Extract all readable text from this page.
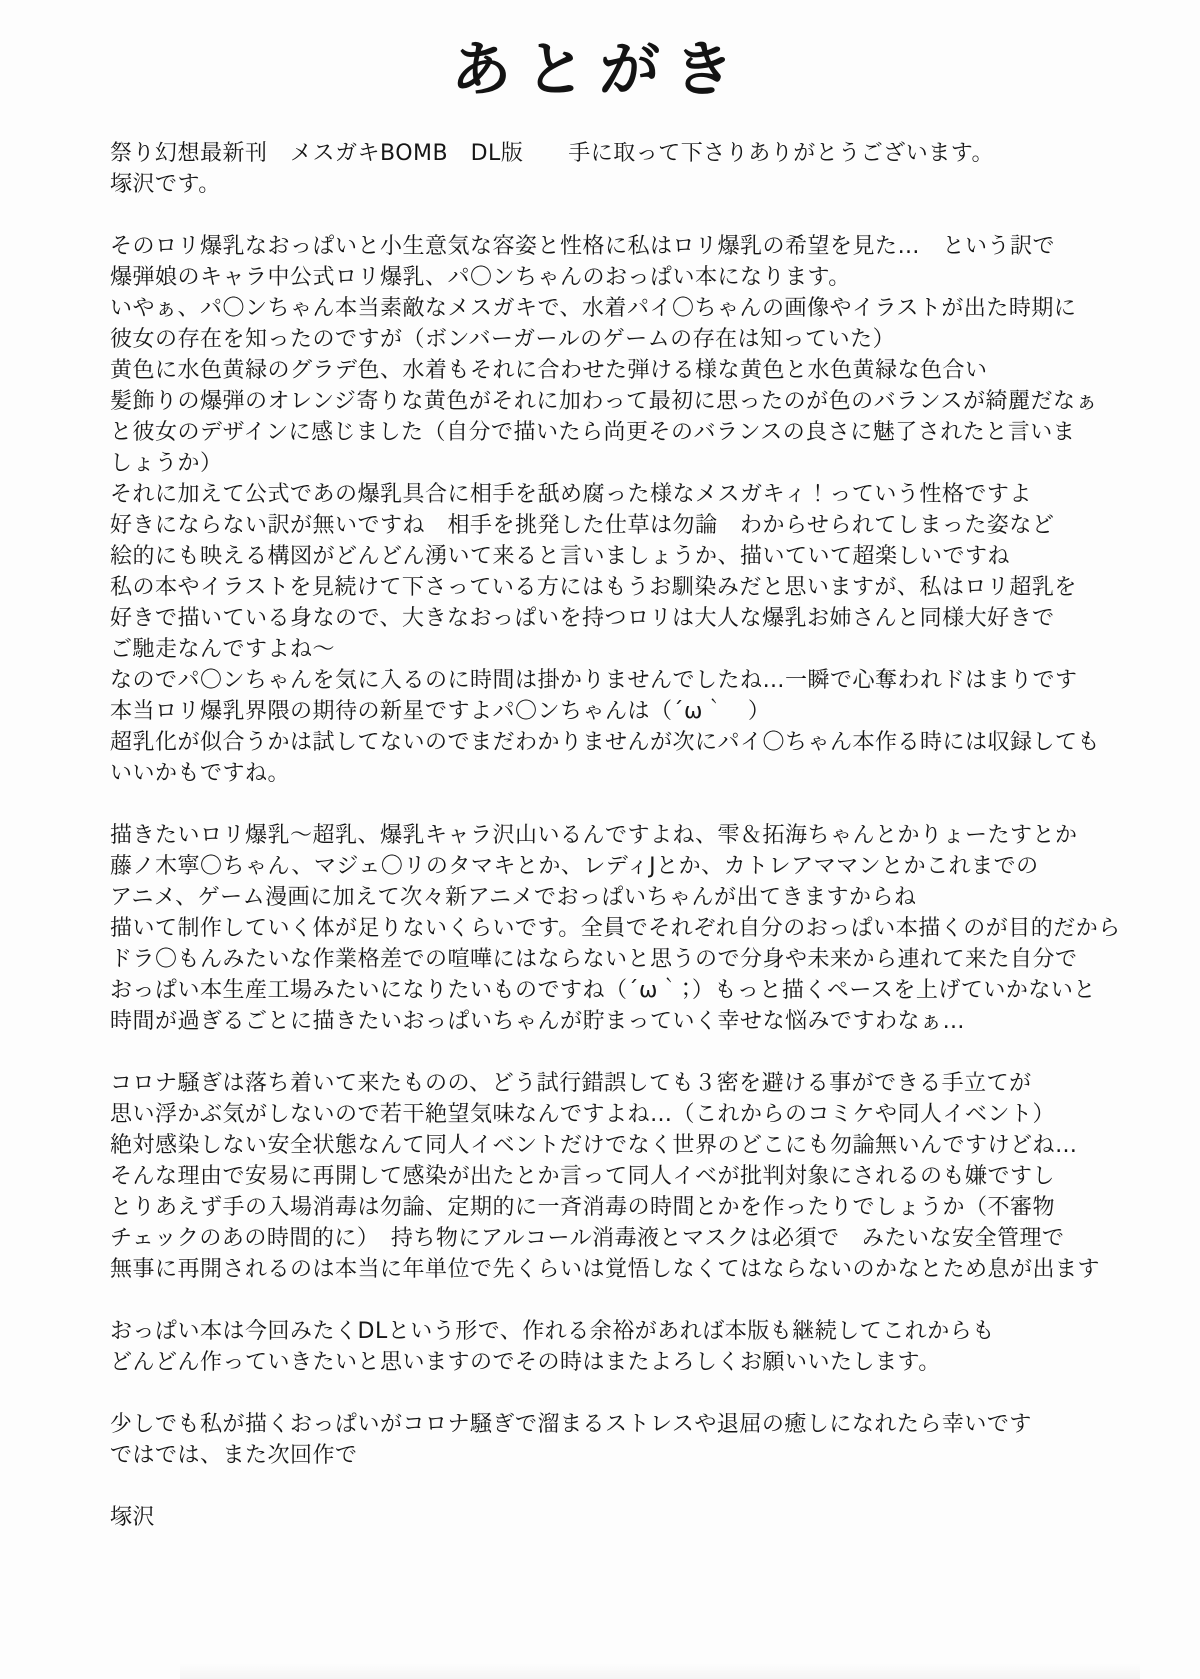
あとがき
祭り幻想最新刊　メスガキBOMB　DL版　　手に取って下さりありがとうございます。
塚沢です。
そのロリ爆乳なおっぱいと小生意気な容姿と性格に私はロリ爆乳の希望を見た…　という訳で
爆弾娘のキャラ中公式ロリ爆乳、パ〇ンちゃんのおっぱい本になります。
いやぁ、パ〇ンちゃん本当素敵なメスガキで、水着パイ〇ちゃんの画像やイラストが出た時期に
彼女の存在を知ったのですが（ボンバーガールのゲームの存在は知っていた）
黄色に水色黄緑のグラデ色、水着もそれに合わせた弾ける様な黄色と水色黄緑な色合い
髪飾りの爆弾のオレンジ寄りな黄色がそれに加わって最初に思ったのが色のバランスが綺麗だなぁ
と彼女のデザインに感じました（自分で描いたら尚更そのバランスの良さに魅了されたと言いま
しょうか）
それに加えて公式であの爆乳具合に相手を舐め腐った様なメスガキィ！っていう性格ですよ
好きにならない訳が無いですね　相手を挑発した仕草は勿論　わからせられてしまった姿など
絵的にも映える構図がどんどん湧いて来ると言いましょうか、描いていて超楽しいですね
私の本やイラストを見続けて下さっている方にはもうお馴染みだと思いますが、私はロリ超乳を
好きで描いている身なので、大きなおっぱいを持つロリは大人な爆乳お姉さんと同様大好きで
ご馳走なんですよね～
なのでパ〇ンちゃんを気に入るのに時間は掛かりませんでしたね…一瞬で心奪われドはまりです
本当ロリ爆乳界隈の期待の新星ですよパ〇ンちゃんは（´ω｀　）
超乳化が似合うかは試してないのでまだわかりませんが次にパイ〇ちゃん本作る時には収録しても
いいかもですね。
描きたいロリ爆乳～超乳、爆乳キャラ沢山いるんですよね、雫＆拓海ちゃんとかりょーたすとか
藤ノ木寧〇ちゃん、マジェ〇リのタマキとか、レディJとか、カトレアママンとかこれまでの
アニメ、ゲーム漫画に加えて次々新アニメでおっぱいちゃんが出てきますからね
描いて制作していく体が足りないくらいです。全員でそれぞれ自分のおっぱい本描くのが目的だから
ドラ〇もんみたいな作業格差での喧嘩にはならないと思うので分身や未来から連れて来た自分で
おっぱい本生産工場みたいになりたいものですね（´ω｀；）もっと描くペースを上げていかないと
時間が過ぎるごとに描きたいおっぱいちゃんが貯まっていく幸せな悩みですわなぁ…
コロナ騒ぎは落ち着いて来たものの、どう試行錯誤しても３密を避ける事ができる手立てが
思い浮かぶ気がしないので若干絶望気味なんですよね…（これからのコミケや同人イベント）
絶対感染しない安全状態なんて同人イベントだけでなく世界のどこにも勿論無いんですけどね…
そんな理由で安易に再開して感染が出たとか言って同人イベが批判対象にされるのも嫌ですし
とりあえず手の入場消毒は勿論、定期的に一斉消毒の時間とかを作ったりでしょうか（不審物
チェックのあの時間的に）　持ち物にアルコール消毒液とマスクは必須で　みたいな安全管理で
無事に再開されるのは本当に年単位で先くらいは覚悟しなくてはならないのかなとため息が出ます
おっぱい本は今回みたくDLという形で、作れる余裕があれば本版も継続してこれからも
どんどん作っていきたいと思いますのでその時はまたよろしくお願いいたします。
少しでも私が描くおっぱいがコロナ騒ぎで溜まるストレスや退屈の癒しになれたら幸いです
ではでは、また次回作で
塚沢
